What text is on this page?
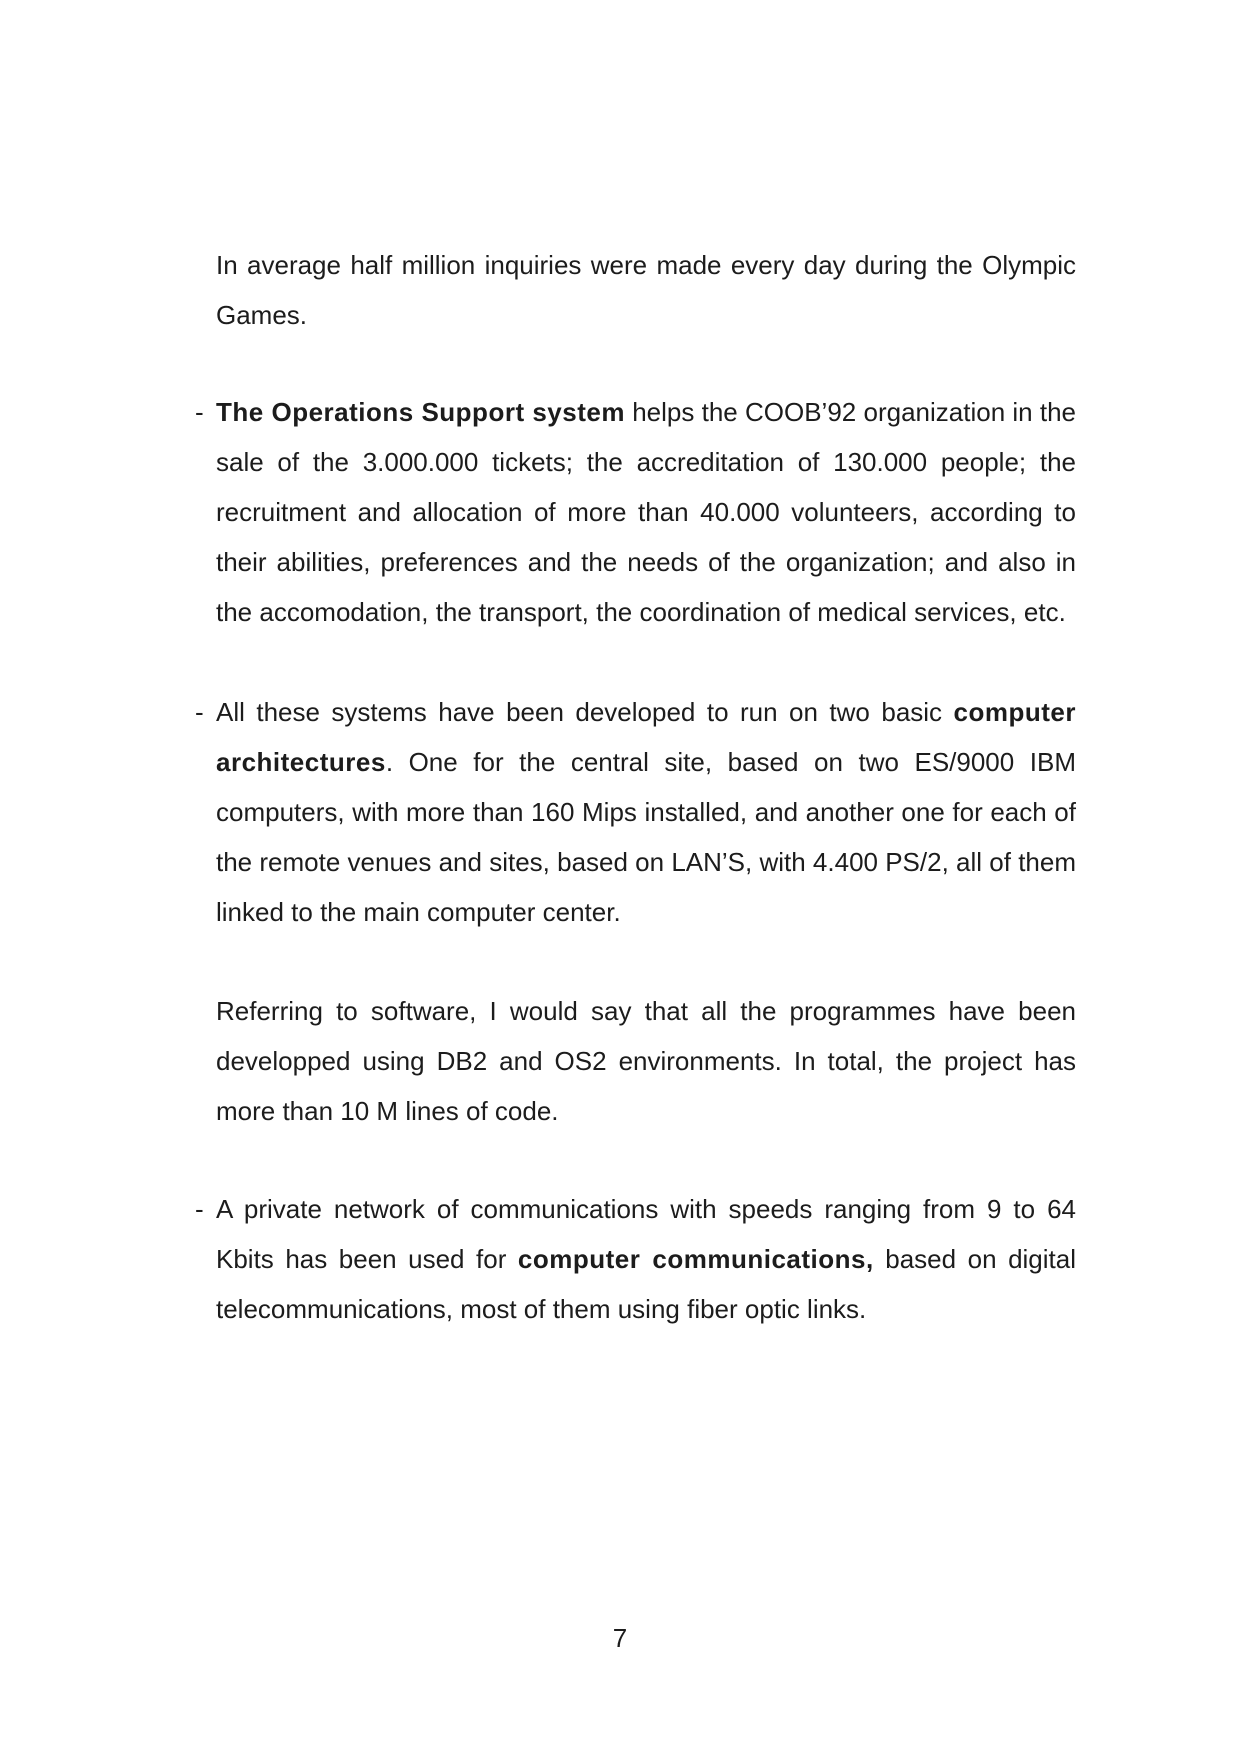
In average half million inquiries were made every day during the Olympic Games.

- The Operations Support system helps the COOB’92 organization in the sale of the 3.000.000 tickets; the accreditation of 130.000 people; the recruitment and allocation of more than 40.000 volunteers, according to their abilities, preferences and the needs of the organization; and also in the accomodation, the transport, the coordination of medical services, etc.

- All these systems have been developed to run on two basic computer architectures. One for the central site, based on two ES/9000 IBM computers, with more than 160 Mips installed, and another one for each of the remote venues and sites, based on LAN’S, with 4.400 PS/2, all of them linked to the main computer center.

Referring to software, I would say that all the programmes have been developped using DB2 and OS2 environments. In total, the project has more than 10 M lines of code.

- A private network of communications with speeds ranging from 9 to 64 Kbits has been used for computer communications, based on digital telecommunications, most of them using fiber optic links.

7
